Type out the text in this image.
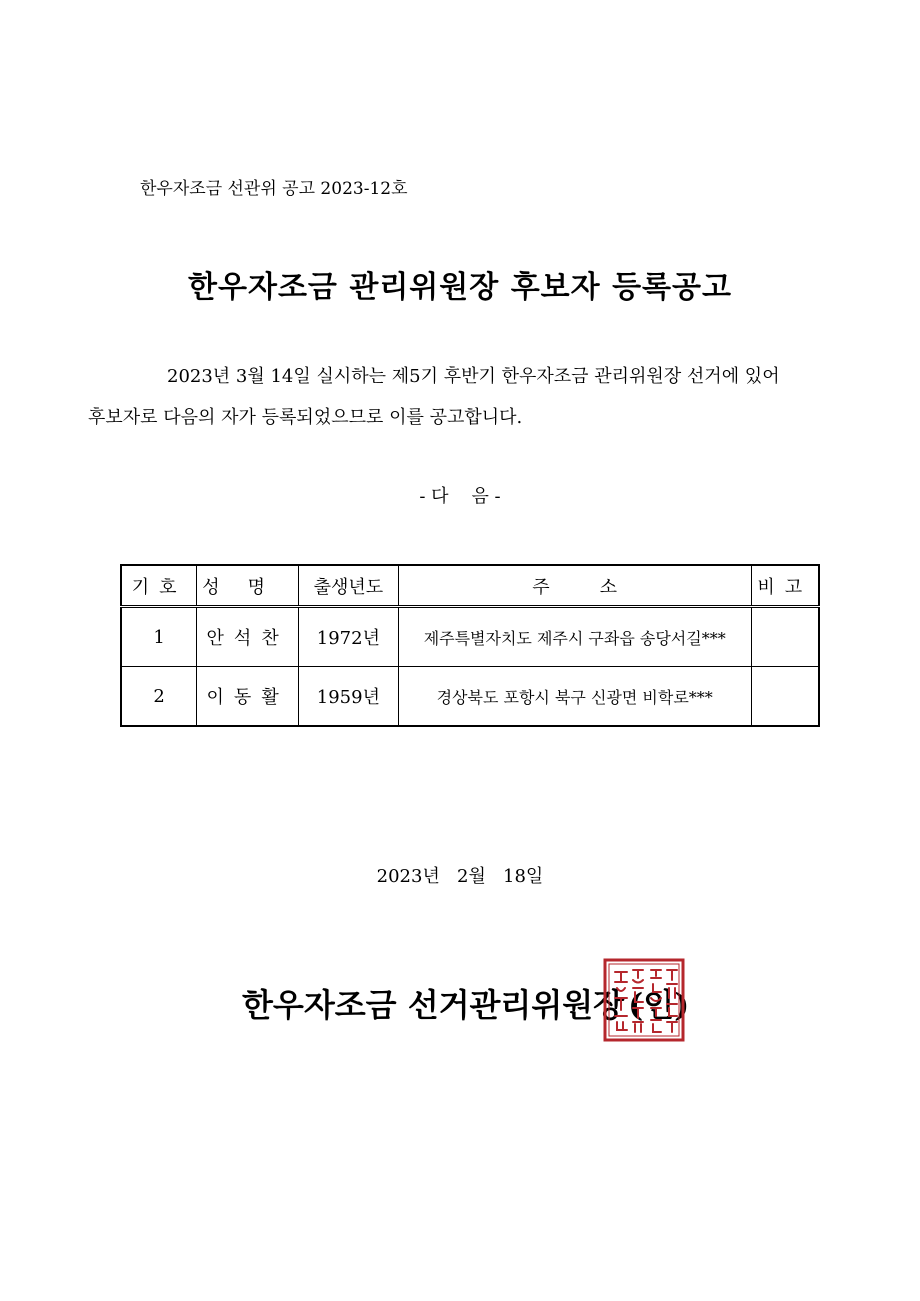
한우자조금 선관위 공고 2023-12호
한우자조금 관리위원장 후보자 등록공고
2023년 3월 14일 실시하는 제5기 후반기 한우자조금 관리위원장 선거에 있어
후보자로 다음의 자가 등록되었으므로 이를 공고합니다.
- 다    음 -
기호	성명	출생년도	주소	비고
1	안석찬	1972년	제주특별자치도 제주시 구좌읍 송당서길***	
2	이동활	1959년	경상북도 포항시 북구 신광면 비학로***	
2023년   2월   18일
한우자조금 선거관리위원장 (인)
